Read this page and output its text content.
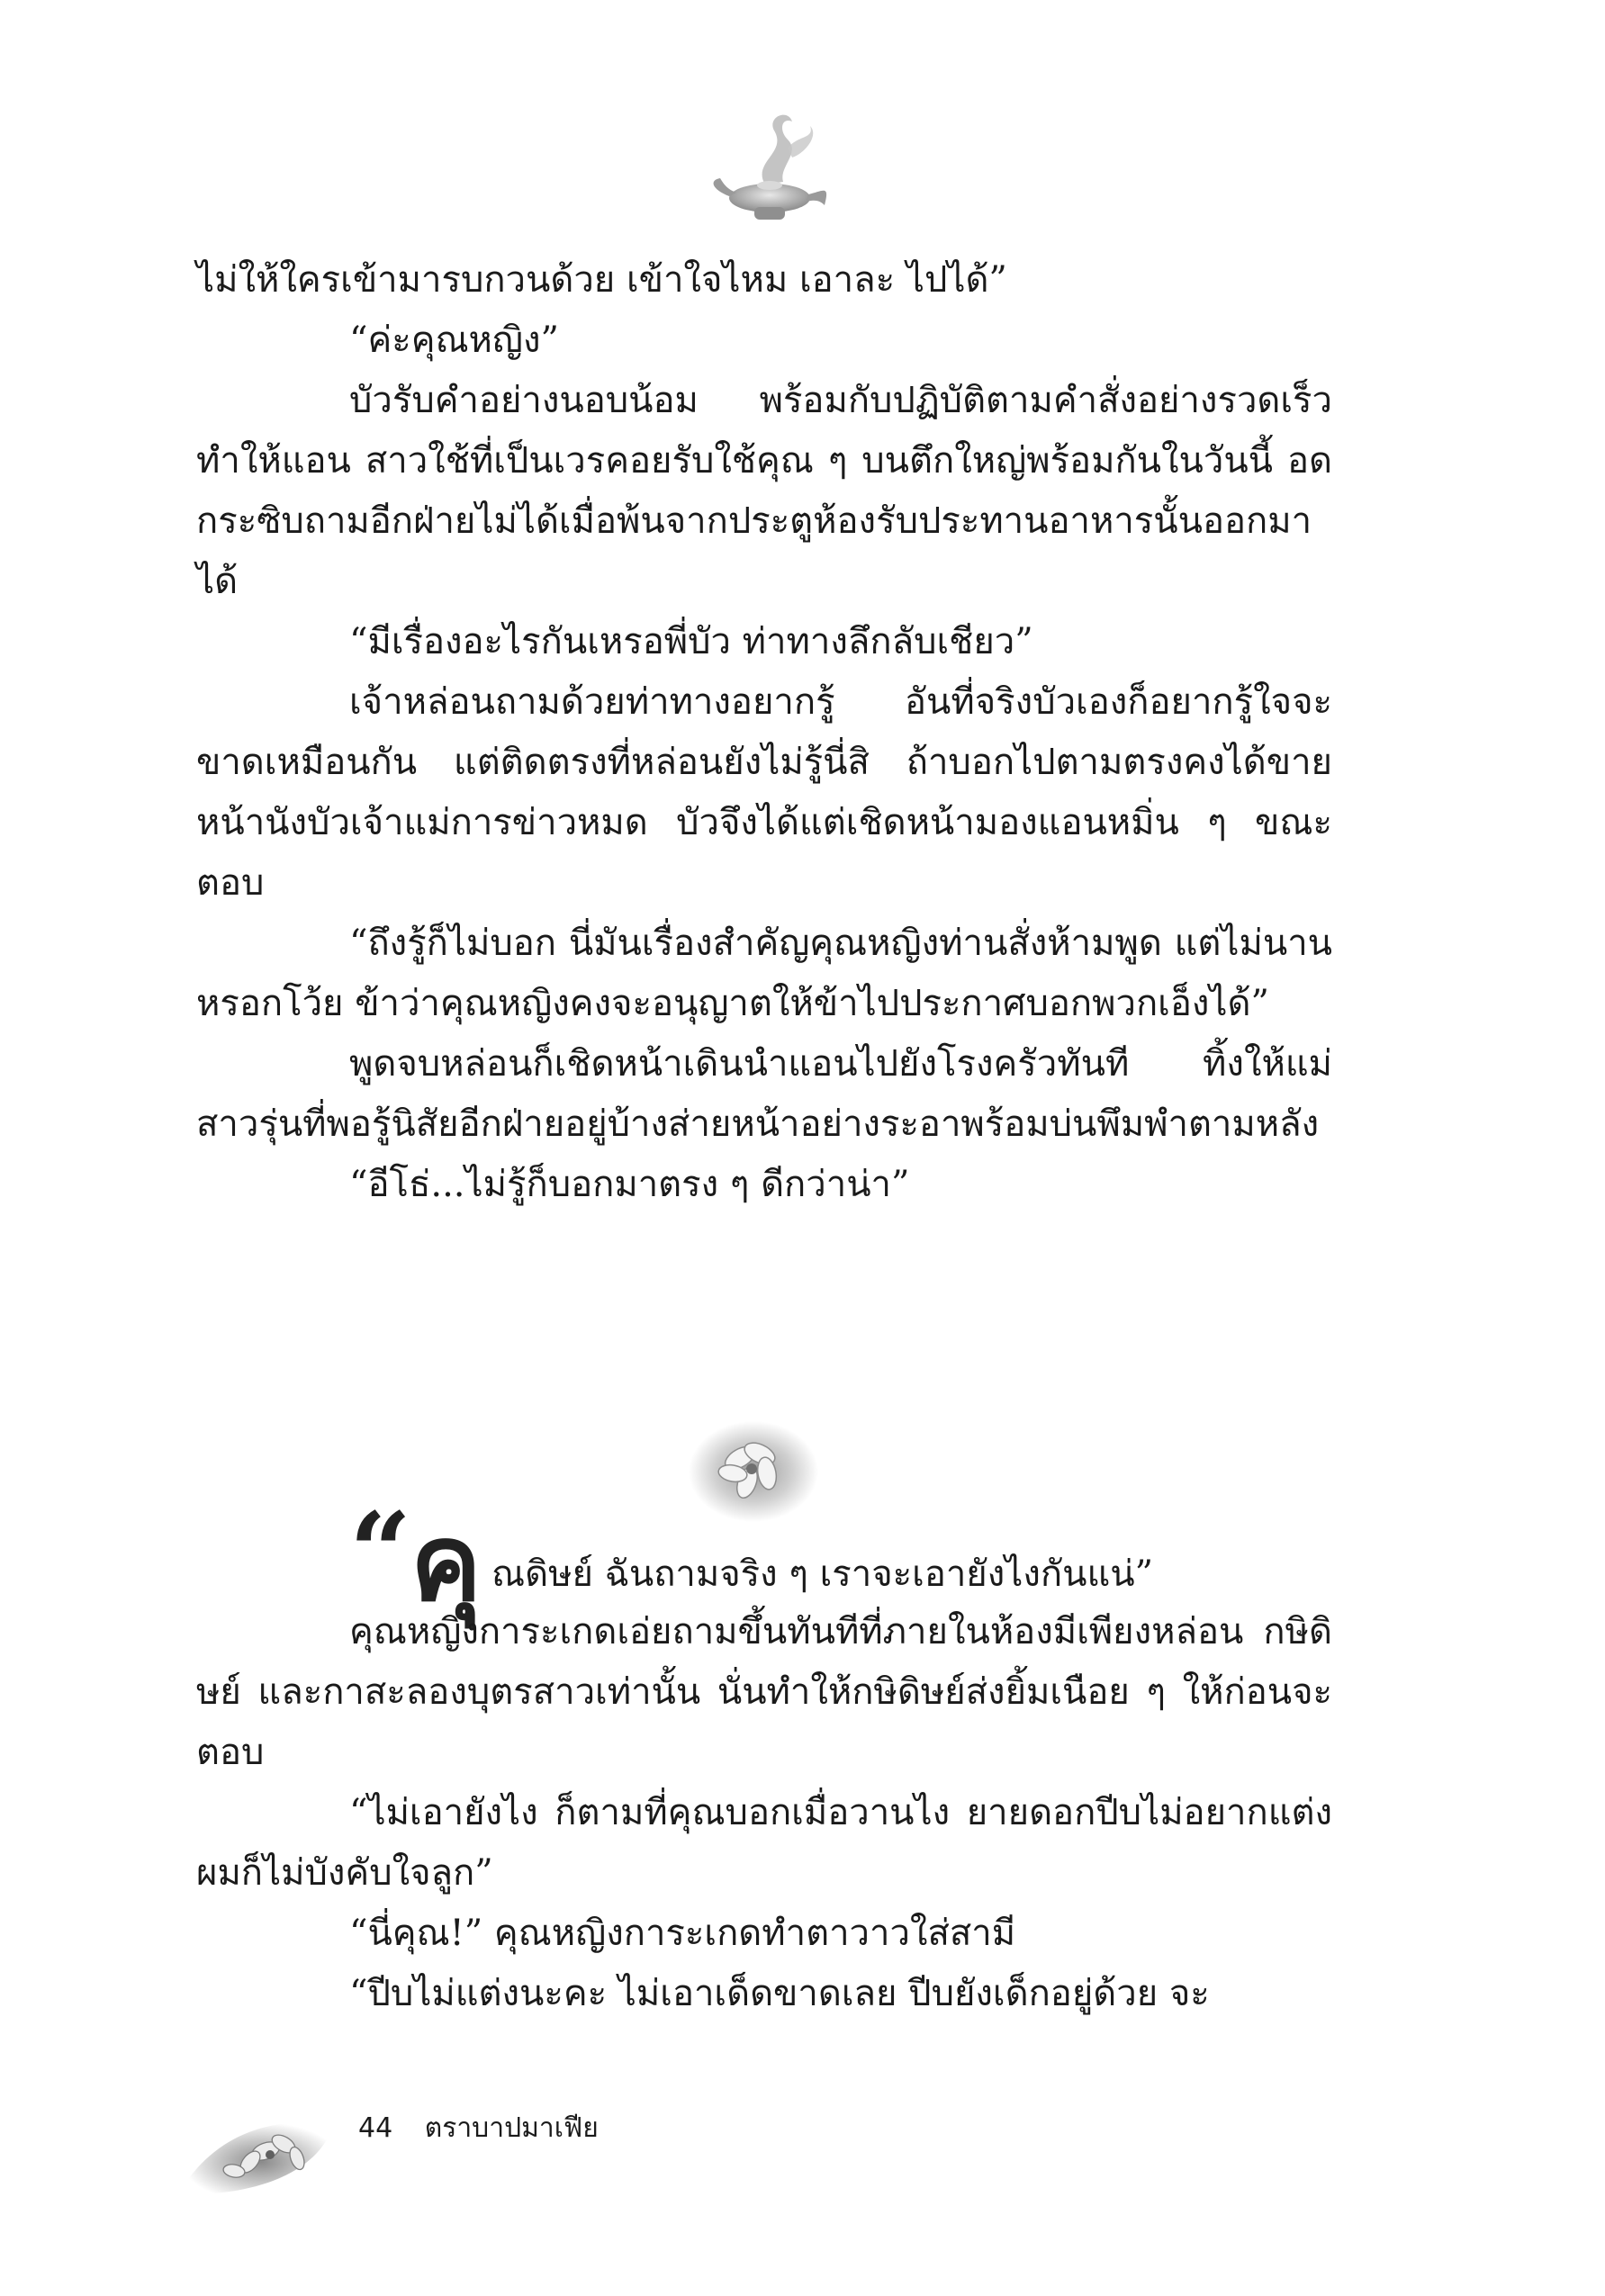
ไม่ให้ใครเข้ามารบกวนด้วย เข้าใจไหม เอาละ ไปได้”

“ค่ะคุณหญิง”

บัวรับคำอย่างนอบน้อม พร้อมกับปฏิบัติตามคำสั่งอย่างรวดเร็ว ทำให้แอน สาวใช้ที่เป็นเวรคอยรับใช้คุณ ๆ บนตึกใหญ่พร้อมกันในวันนี้ อดกระซิบถามอีกฝ่ายไม่ได้เมื่อพ้นจากประตูห้องรับประทานอาหารนั้นออกมาได้

“มีเรื่องอะไรกันเหรอพี่บัว ท่าทางลึกลับเชียว”

เจ้าหล่อนถามด้วยท่าทางอยากรู้ อันที่จริงบัวเองก็อยากรู้ใจจะขาดเหมือนกัน แต่ติดตรงที่หล่อนยังไม่รู้นี่สิ ถ้าบอกไปตามตรงคงได้ขายหน้านังบัวเจ้าแม่การข่าวหมด บัวจึงได้แต่เชิดหน้ามองแอนหมิ่น ๆ ขณะตอบ

“ถึงรู้ก็ไม่บอก นี่มันเรื่องสำคัญคุณหญิงท่านสั่งห้ามพูด แต่ไม่นานหรอกโว้ย ข้าว่าคุณหญิงคงจะอนุญาตให้ข้าไปประกาศบอกพวกเอ็งได้”

พูดจบหล่อนก็เชิดหน้าเดินนำแอนไปยังโรงครัวทันที ทิ้งให้แม่สาวรุ่นที่พอรู้นิสัยอีกฝ่ายอยู่บ้างส่ายหน้าอย่างระอาพร้อมบ่นพึมพำตามหลัง

“อีโธ่...ไม่รู้ก็บอกมาตรง ๆ ดีกว่าน่า”

“
คุ ณดิษย์ ฉันถามจริง ๆ เราจะเอายังไงกันแน่”

คุณหญิงการะเกดเอ่ยถามขึ้นทันทีที่ภายในห้องมีเพียงหล่อน กษิดิษย์ และกาสะลองบุตรสาวเท่านั้น นั่นทำให้กษิดิษย์ส่งยิ้มเนือย ๆ ให้ก่อนจะตอบ

“ไม่เอายังไง ก็ตามที่คุณบอกเมื่อวานไง ยายดอกปีบไม่อยากแต่ง ผมก็ไม่บังคับใจลูก”

“นี่คุณ!” คุณหญิงการะเกดทำตาวาวใส่สามี

“ปีบไม่แต่งนะคะ ไม่เอาเด็ดขาดเลย ปีบยังเด็กอยู่ด้วย จะ

44 ตราบาปมาเฟีย
